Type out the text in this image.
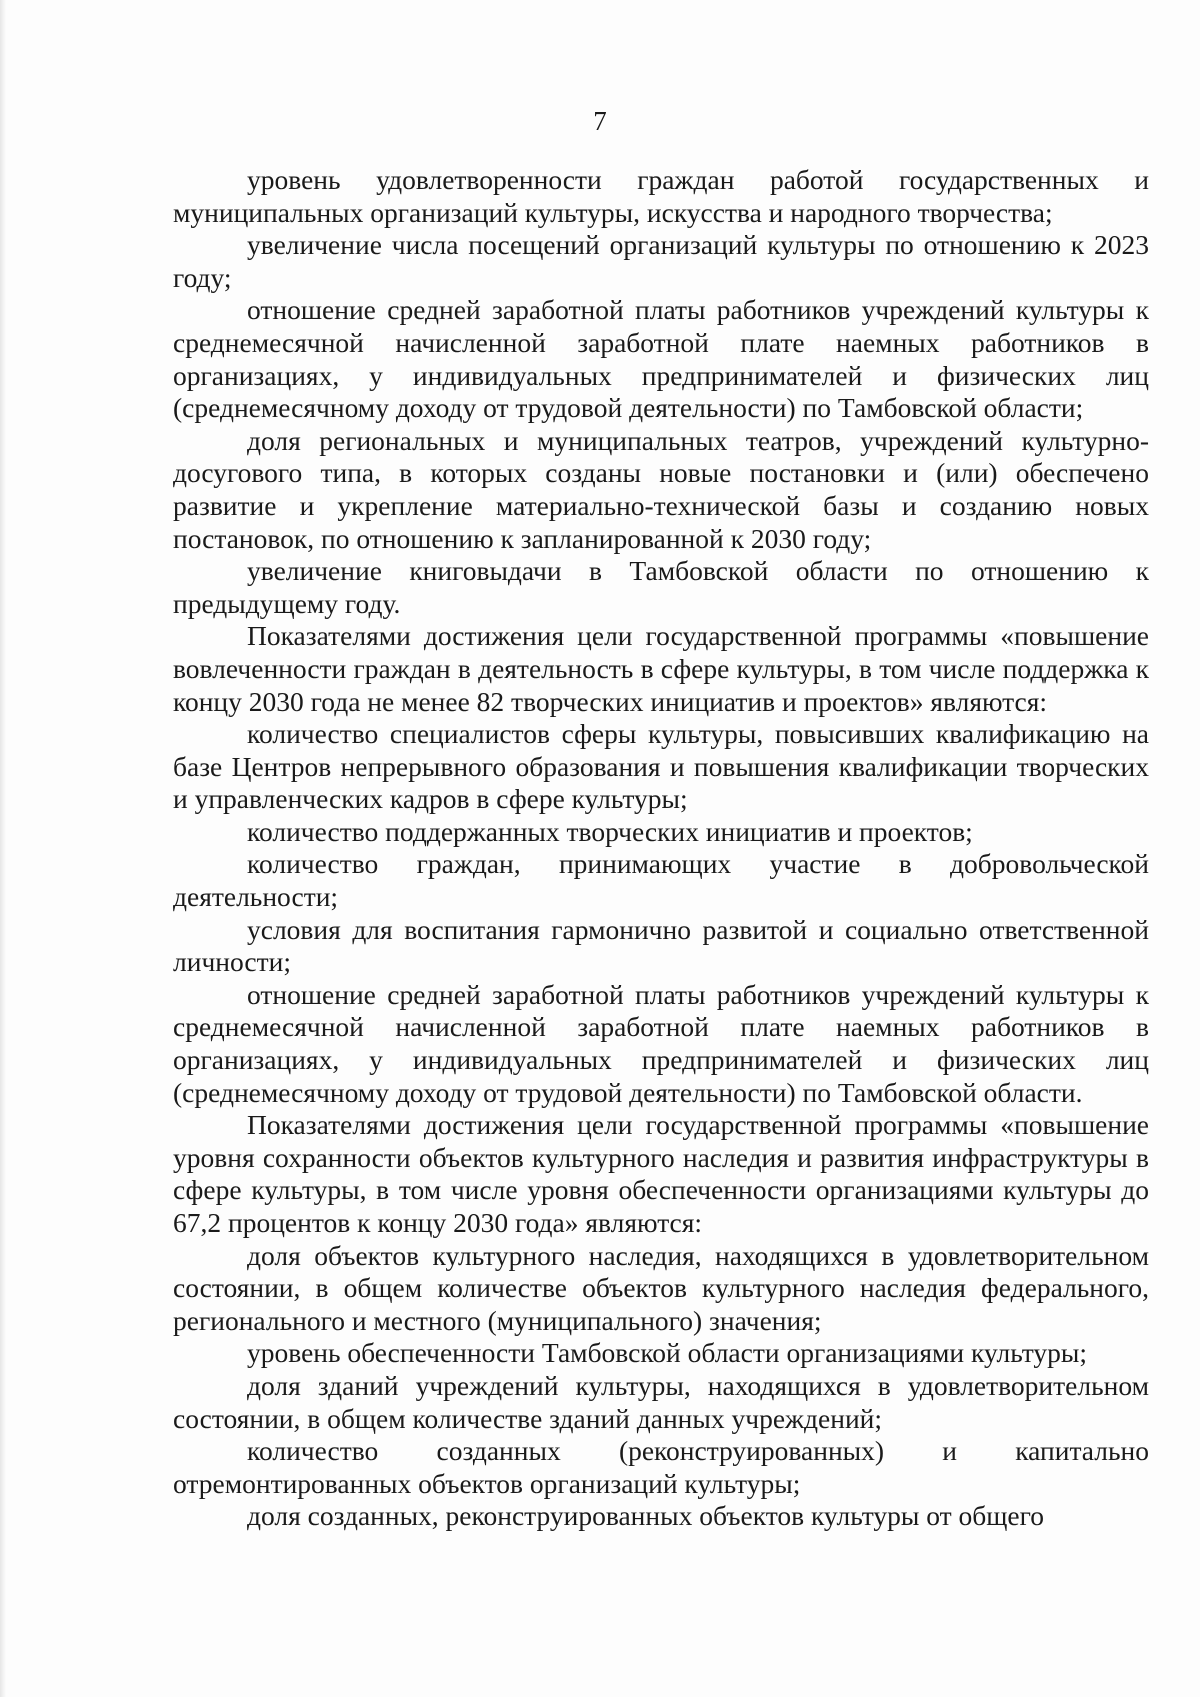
7

уровень удовлетворенности граждан работой государственных и муниципальных организаций культуры, искусства и народного творчества;

увеличение числа посещений организаций культуры по отношению к 2023 году;

отношение средней заработной платы работников учреждений культуры к среднемесячной начисленной заработной плате наемных работников в организациях, у индивидуальных предпринимателей и физических лиц (среднемесячному доходу от трудовой деятельности) по Тамбовской области;

доля региональных и муниципальных театров, учреждений культурно-досугового типа, в которых созданы новые постановки и (или) обеспечено развитие и укрепление материально-технической базы и созданию новых постановок, по отношению к запланированной к 2030 году;

увеличение книговыдачи в Тамбовской области по отношению к предыдущему году.

Показателями достижения цели государственной программы «повышение вовлеченности граждан в деятельность в сфере культуры, в том числе поддержка к концу 2030 года не менее 82 творческих инициатив и проектов» являются:

количество специалистов сферы культуры, повысивших квалификацию на базе Центров непрерывного образования и повышения квалификации творческих и управленческих кадров в сфере культуры;

количество поддержанных творческих инициатив и проектов;

количество граждан, принимающих участие в добровольческой деятельности;

условия для воспитания гармонично развитой и социально ответственной личности;

отношение средней заработной платы работников учреждений культуры к среднемесячной начисленной заработной плате наемных работников в организациях, у индивидуальных предпринимателей и физических лиц (среднемесячному доходу от трудовой деятельности) по Тамбовской области.

Показателями достижения цели государственной программы «повышение уровня сохранности объектов культурного наследия и развития инфраструктуры в сфере культуры, в том числе уровня обеспеченности организациями культуры до 67,2 процентов к концу 2030 года» являются:

доля объектов культурного наследия, находящихся в удовлетворительном состоянии, в общем количестве объектов культурного наследия федерального, регионального и местного (муниципального) значения;

уровень обеспеченности Тамбовской области организациями культуры;

доля зданий учреждений культуры, находящихся в удовлетворительном состоянии, в общем количестве зданий данных учреждений;

количество созданных (реконструированных) и капитально отремонтированных объектов организаций культуры;

доля созданных, реконструированных объектов культуры от общего
